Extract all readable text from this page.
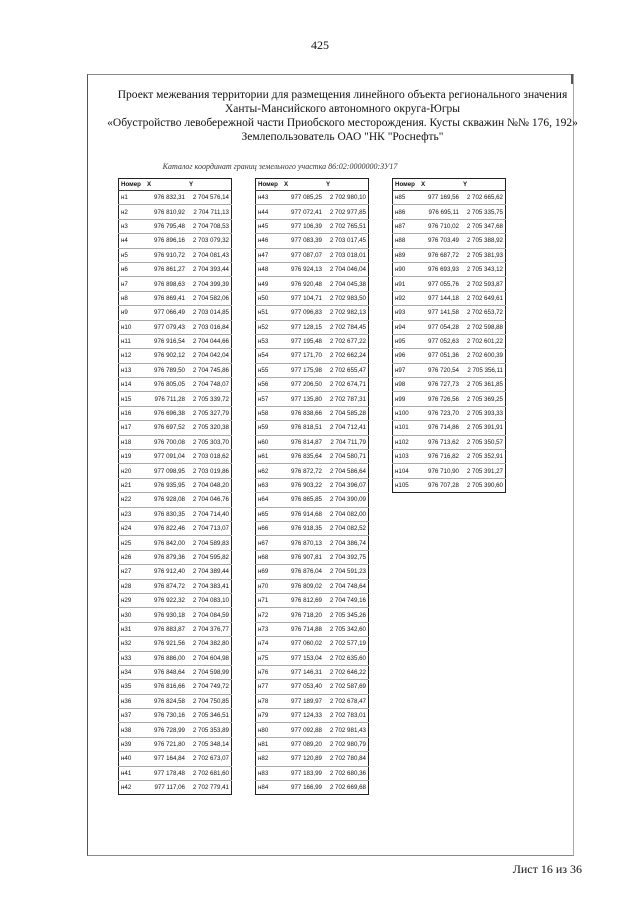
425
Проект межевания территории для размещения линейного объекта регионального значения
Ханты-Мансийского автономного округа-Югры
«Обустройство левобережной части Приобского месторождения. Кусты скважин №№ 176, 192»
Землепользователь ОАО "НК "Роснефть"
Каталог координат границ земельного участка 86:02:0000000:ЗУ17
Номер	X	Y
н1	976 832,31	2 704 576,14
н2	976 810,92	2 704 711,13
н3	976 795,48	2 704 708,53
н4	976 896,16	2 703 079,32
н5	976 910,72	2 704 081,43
н6	976 861,27	2 704 393,44
н7	976 898,63	2 704 399,39
н8	976 869,41	2 704 582,06
н9	977 066,49	2 703 014,85
н10	977 079,43	2 703 016,84
н11	976 916,54	2 704 044,66
н12	976 902,12	2 704 042,04
н13	976 789,50	2 704 745,86
н14	976 805,05	2 704 748,07
н15	976 711,28	2 705 339,72
н16	976 696,38	2 705 327,79
н17	976 697,52	2 705 320,38
н18	976 700,08	2 705 303,70
н19	977 091,04	2 703 018,62
н20	977 098,95	2 703 019,86
н21	976 935,95	2 704 048,20
н22	976 928,08	2 704 046,76
н23	976 830,35	2 704 714,40
н24	976 822,46	2 704 713,07
н25	976 842,00	2 704 589,83
н26	976 879,36	2 704 595,82
н27	976 912,40	2 704 389,44
н28	976 874,72	2 704 383,41
н29	976 922,32	2 704 083,10
н30	976 930,18	2 704 084,59
н31	976 883,87	2 704 376,77
н32	976 921,56	2 704 382,80
н33	976 886,00	2 704 604,98
н34	976 848,64	2 704 598,99
н35	976 816,66	2 704 749,72
н36	976 824,58	2 704 750,85
н37	976 730,16	2 705 346,51
н38	976 728,99	2 705 353,89
н39	976 721,80	2 705 348,14
н40	977 164,84	2 702 673,07
н41	977 178,48	2 702 681,60
н42	977 117,06	2 702 779,41
Номер	X	Y
н43	977 085,25	2 702 980,10
н44	977 072,41	2 702 977,85
н45	977 106,39	2 702 765,51
н46	977 083,39	2 703 017,45
н47	977 087,07	2 703 018,01
н48	976 924,13	2 704 046,04
н49	976 920,48	2 704 045,38
н50	977 104,71	2 702 983,50
н51	977 096,83	2 702 982,13
н52	977 128,15	2 702 784,45
н53	977 195,48	2 702 677,22
н54	977 171,70	2 702 662,24
н55	977 175,98	2 702 655,47
н56	977 206,50	2 702 674,71
н57	977 135,80	2 702 787,31
н58	976 838,66	2 704 585,28
н59	976 818,51	2 704 712,41
н60	976 814,87	2 704 711,79
н61	976 835,64	2 704 580,71
н62	976 872,72	2 704 586,64
н63	976 903,22	2 704 396,07
н64	976 865,85	2 704 390,09
н65	976 914,68	2 704 082,00
н66	976 918,35	2 704 082,52
н67	976 870,13	2 704 386,74
н68	976 907,81	2 704 392,75
н69	976 876,04	2 704 591,23
н70	976 809,02	2 704 748,64
н71	976 812,69	2 704 749,16
н72	976 718,20	2 705 345,26
н73	976 714,88	2 705 342,60
н74	977 060,02	2 702 577,19
н75	977 153,04	2 702 635,60
н76	977 146,31	2 702 646,22
н77	977 053,40	2 702 587,69
н78	977 189,97	2 702 678,47
н79	977 124,33	2 702 783,01
н80	977 092,88	2 702 981,43
н81	977 089,20	2 702 980,79
н82	977 120,89	2 702 780,84
н83	977 183,99	2 702 680,36
н84	977 166,99	2 702 669,68
Номер	X	Y
н85	977 169,56	2 702 665,62
н86	976 695,11	2 705 335,75
н87	976 710,02	2 705 347,68
н88	976 703,49	2 705 388,92
н89	976 687,72	2 705 381,93
н90	976 693,93	2 705 343,12
н91	977 055,76	2 702 593,87
н92	977 144,18	2 702 649,61
н93	977 141,58	2 702 653,72
н94	977 054,28	2 702 598,88
н95	977 052,63	2 702 601,22
н96	977 051,36	2 702 600,39
н97	976 720,54	2 705 356,11
н98	976 727,73	2 705 361,85
н99	976 726,56	2 705 369,25
н100	976 723,70	2 705 393,33
н101	976 714,86	2 705 391,91
н102	976 713,62	2 705 350,57
н103	976 716,82	2 705 352,91
н104	976 710,90	2 705 391,27
н105	976 707,28	2 705 390,60
Лист 16 из 36
